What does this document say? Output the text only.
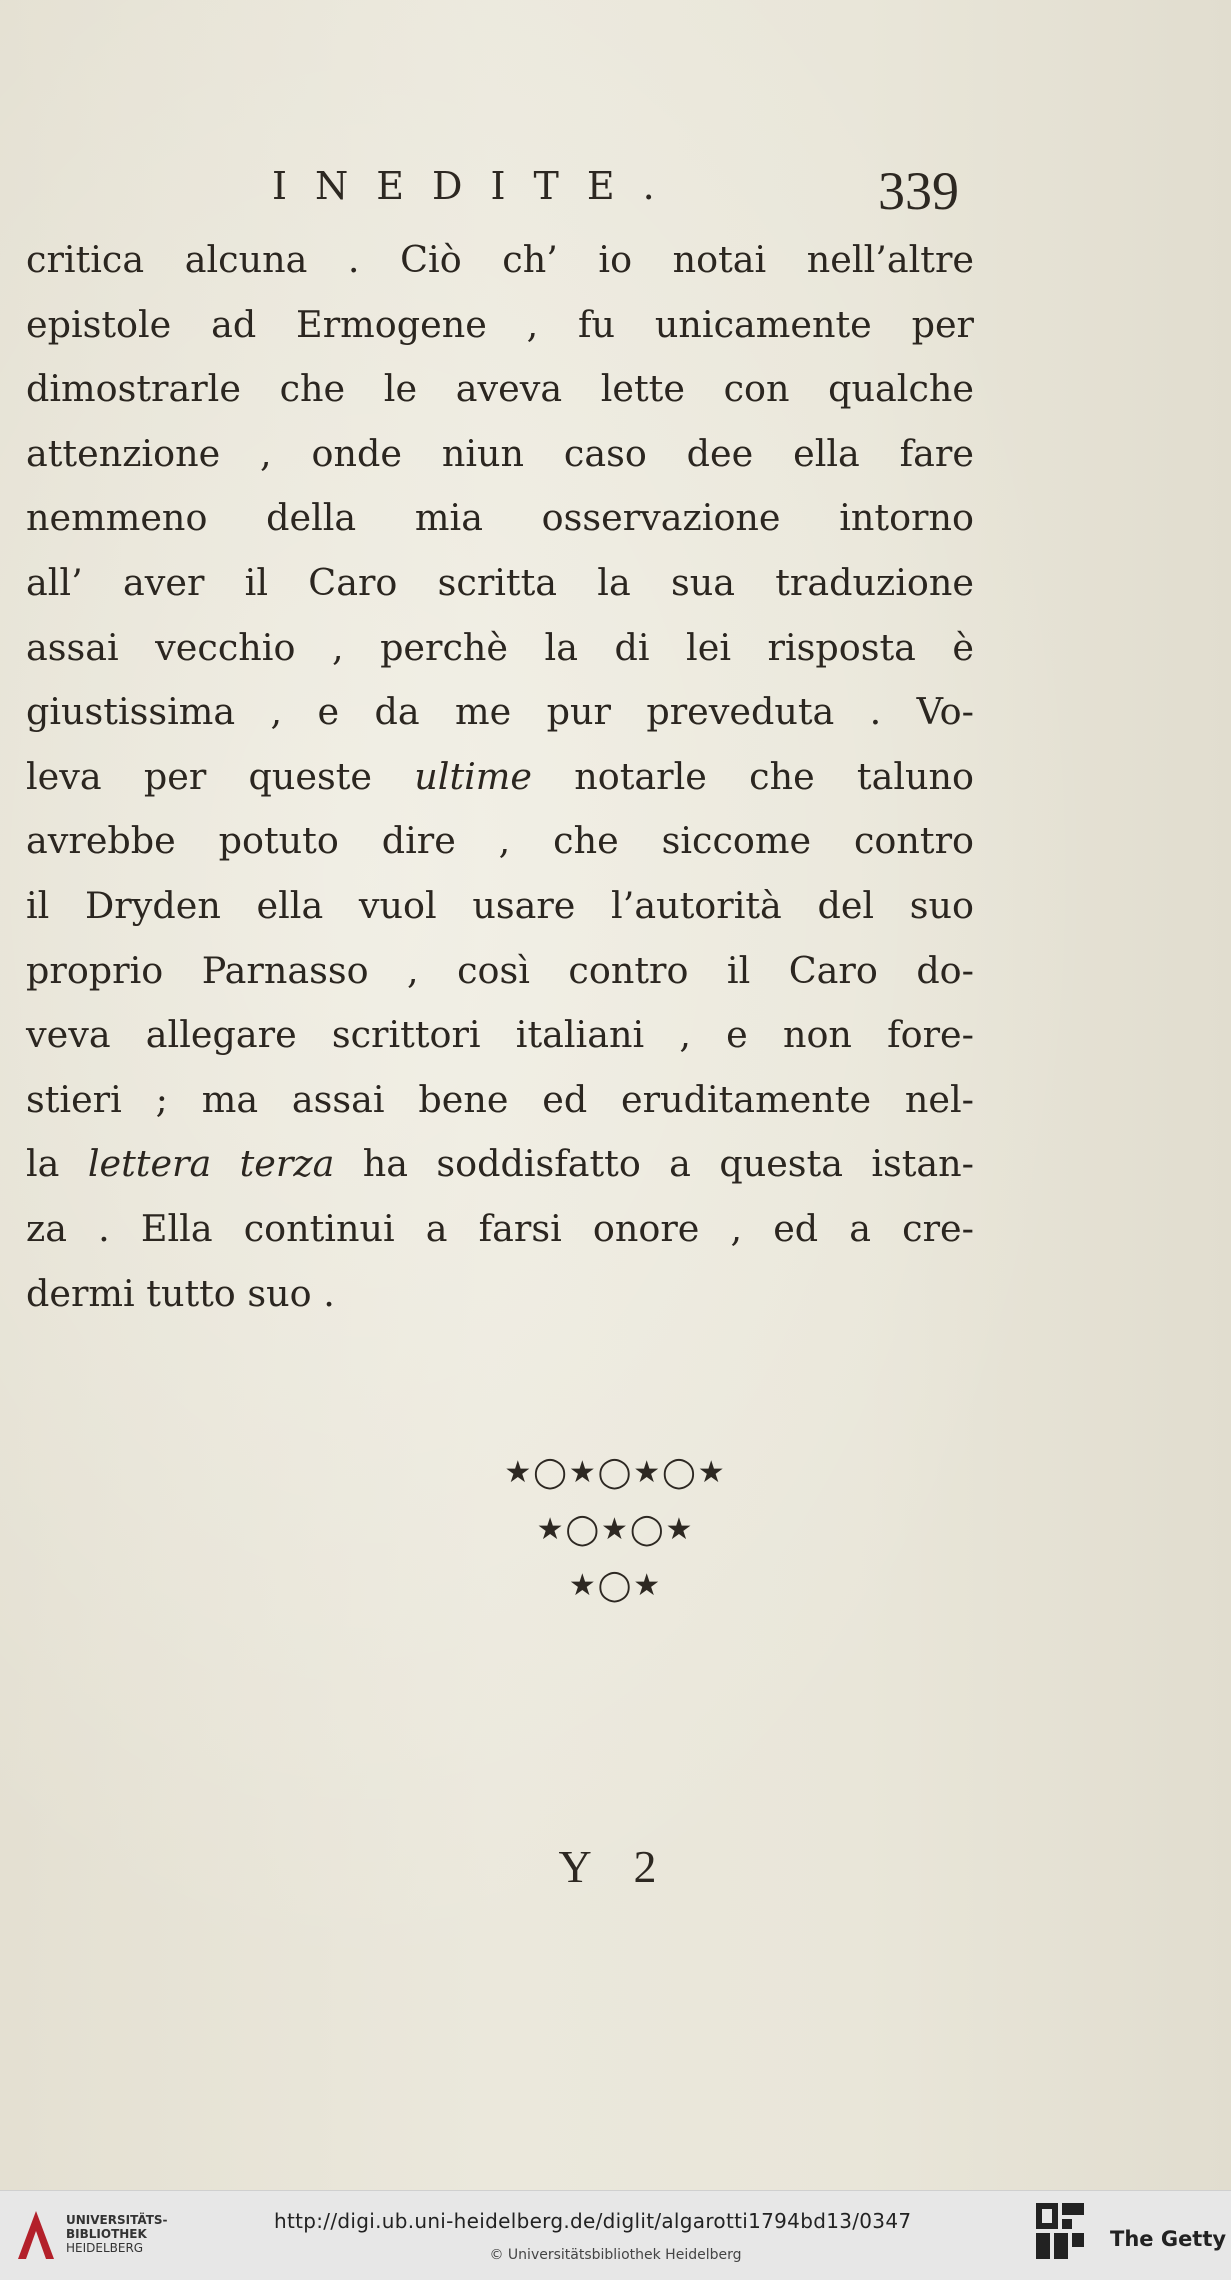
INEDITE.	339
critica alcuna . Ciò ch’ io notai nell’altre
epistole ad Ermogene , fu unicamente per
dimostrarle che le aveva lette con qualche
attenzione , onde niun caso dee ella fare
nemmeno della mia osservazione intorno
all’ aver il Caro scritta la sua traduzione
assai vecchio , perchè la di lei risposta è
giustissima , e da me pur preveduta . Vo-
leva per queste ultime notarle che taluno
avrebbe potuto dire , che siccome contro
il Dryden ella vuol usare l’autorità del suo
proprio Parnasso , così contro il Caro do-
veva allegare scrittori italiani , e non fore-
stieri ; ma assai bene ed eruditamente nel-
la lettera terza ha soddisfatto a questa istan-
za . Ella continui a farsi onore , ed a cre-
dermi tutto suo .
★◯★◯★◯★
★◯★◯★
★◯★
Y 2
UNIVERSITÄTS-
BIBLIOTHEK
HEIDELBERG
http://digi.ub.uni-heidelberg.de/diglit/algarotti1794bd13/0347
© Universitätsbibliothek Heidelberg
The Getty
